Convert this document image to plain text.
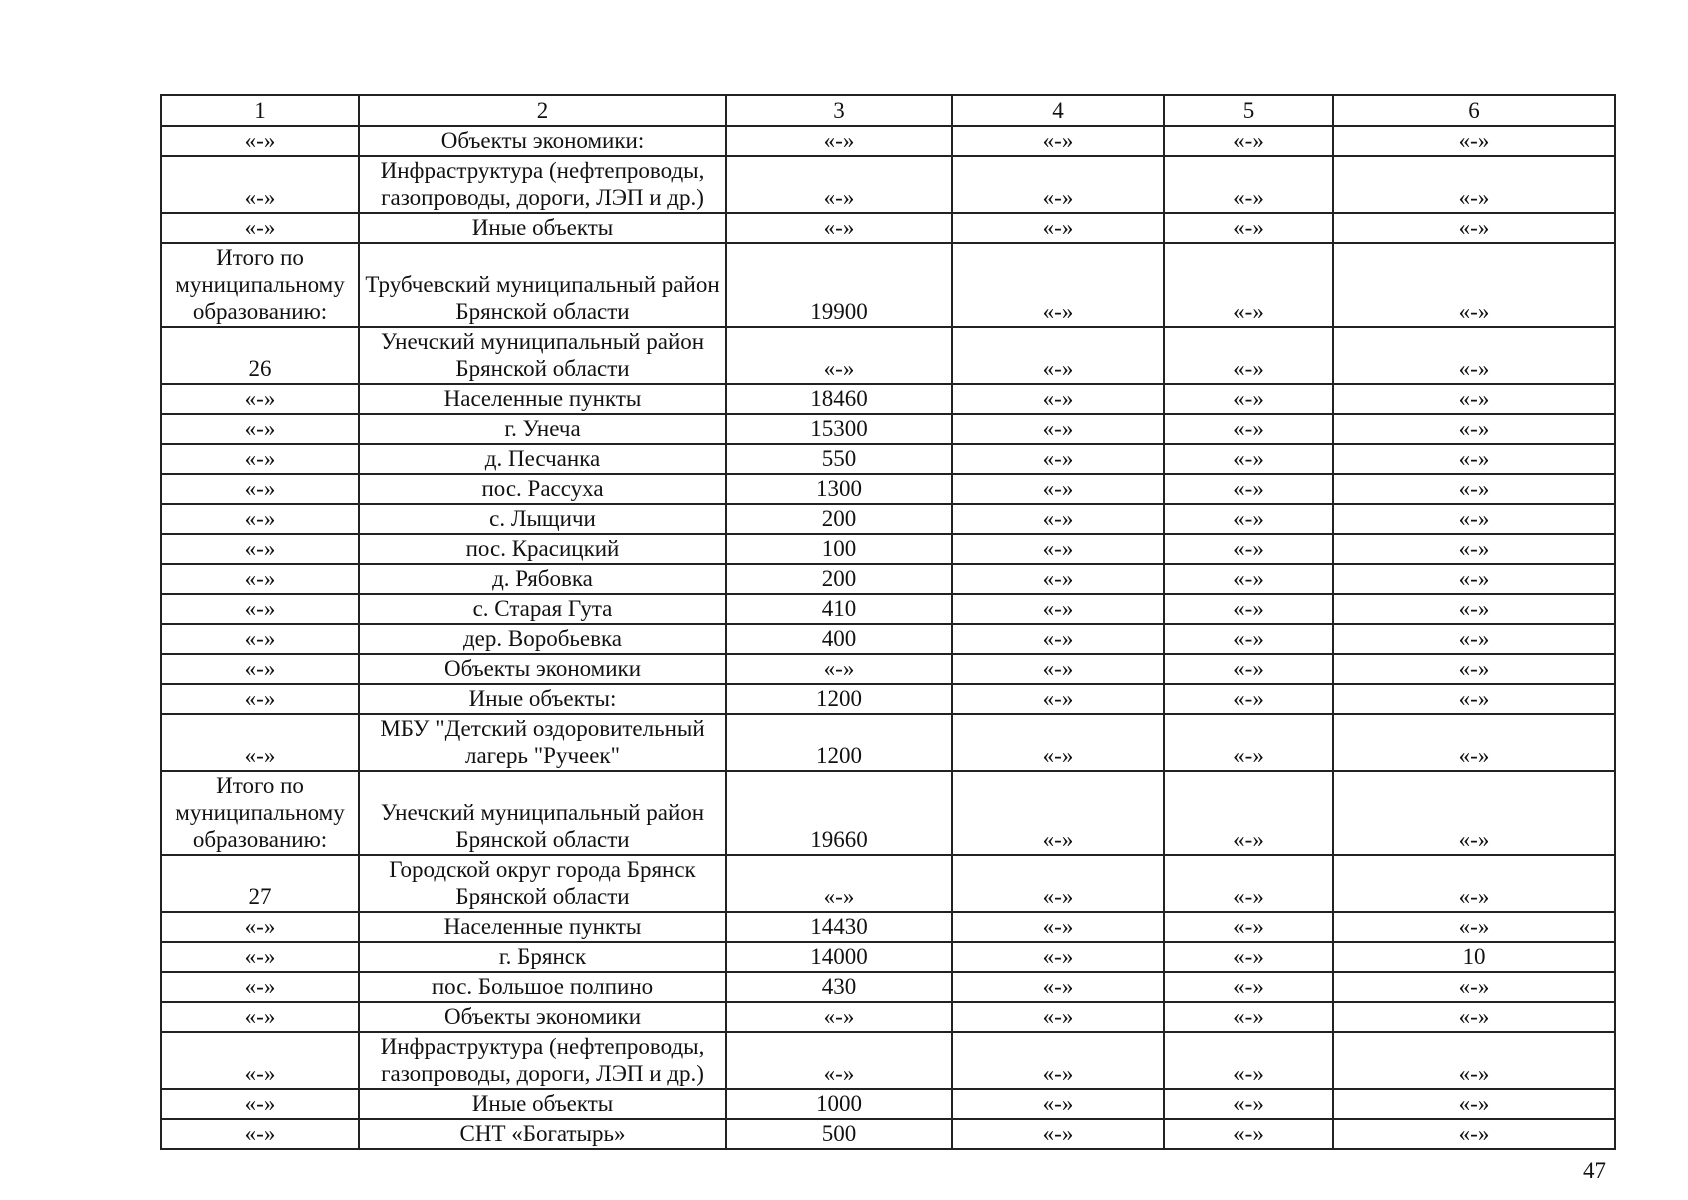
1	2	3	4	5	6
«-»	Объекты экономики:	«-»	«-»	«-»	«-»
«-»	Инфраструктура (нефтепроводы, газопроводы, дороги, ЛЭП и др.)	«-»	«-»	«-»	«-»
«-»	Иные объекты	«-»	«-»	«-»	«-»
Итого по муниципальному образованию:	Трубчевский муниципальный район Брянской области	19900	«-»	«-»	«-»
26	Унечский муниципальный район Брянской области	«-»	«-»	«-»	«-»
«-»	Населенные пункты	18460	«-»	«-»	«-»
«-»	г. Унеча	15300	«-»	«-»	«-»
«-»	д. Песчанка	550	«-»	«-»	«-»
«-»	пос. Рассуха	1300	«-»	«-»	«-»
«-»	с. Лыщичи	200	«-»	«-»	«-»
«-»	пос. Красицкий	100	«-»	«-»	«-»
«-»	д. Рябовка	200	«-»	«-»	«-»
«-»	с. Старая Гута	410	«-»	«-»	«-»
«-»	дер. Воробьевка	400	«-»	«-»	«-»
«-»	Объекты экономики	«-»	«-»	«-»	«-»
«-»	Иные объекты:	1200	«-»	«-»	«-»
«-»	МБУ "Детский оздоровительный лагерь "Ручеек"	1200	«-»	«-»	«-»
Итого по муниципальному образованию:	Унечский муниципальный район Брянской области	19660	«-»	«-»	«-»
27	Городской округ города Брянск Брянской области	«-»	«-»	«-»	«-»
«-»	Населенные пункты	14430	«-»	«-»	«-»
«-»	г. Брянск	14000	«-»	«-»	10
«-»	пос. Большое полпино	430	«-»	«-»	«-»
«-»	Объекты экономики	«-»	«-»	«-»	«-»
«-»	Инфраструктура (нефтепроводы, газопроводы, дороги, ЛЭП и др.)	«-»	«-»	«-»	«-»
«-»	Иные объекты	1000	«-»	«-»	«-»
«-»	СНТ «Богатырь»	500	«-»	«-»	«-»
47
